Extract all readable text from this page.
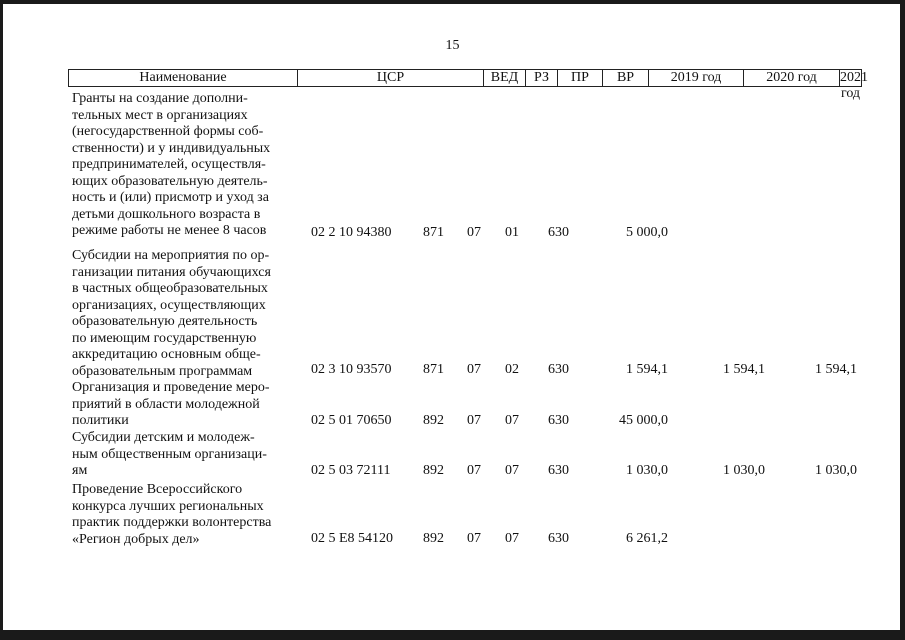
15
Наименование	ЦСР	ВЕД	РЗ	ПР	ВР	2019 год	2020 год	2021 год
Гранты на создание дополни-
тельных мест в организациях
(негосударственной формы соб-
ственности) и у индивидуальных
предпринимателей, осуществля-
ющих образовательную деятель-
ность и (или) присмотр и уход за
детьми дошкольного возраста в
режиме работы не менее 8 часов	02 2 10 94380 871 07 01 630	5 000,0
Субсидии на мероприятия по ор-
ганизации питания обучающихся
в частных общеобразовательных
организациях, осуществляющих
образовательную деятельность
по имеющим государственную
аккредитацию основным обще-
образовательным программам	02 3 10 93570 871 07 02 630	1 594,1	1 594,1	1 594,1
Организация и проведение меро-
приятий в области молодежной
политики	02 5 01 70650 892 07 07 630	45 000,0
Субсидии детским и молодеж-
ным общественным организаци-
ям	02 5 03 72111 892 07 07 630	1 030,0	1 030,0	1 030,0
Проведение Всероссийского
конкурса лучших региональных
практик поддержки волонтерства
«Регион добрых дел»	02 5 E8 54120 892 07 07 630	6 261,2
